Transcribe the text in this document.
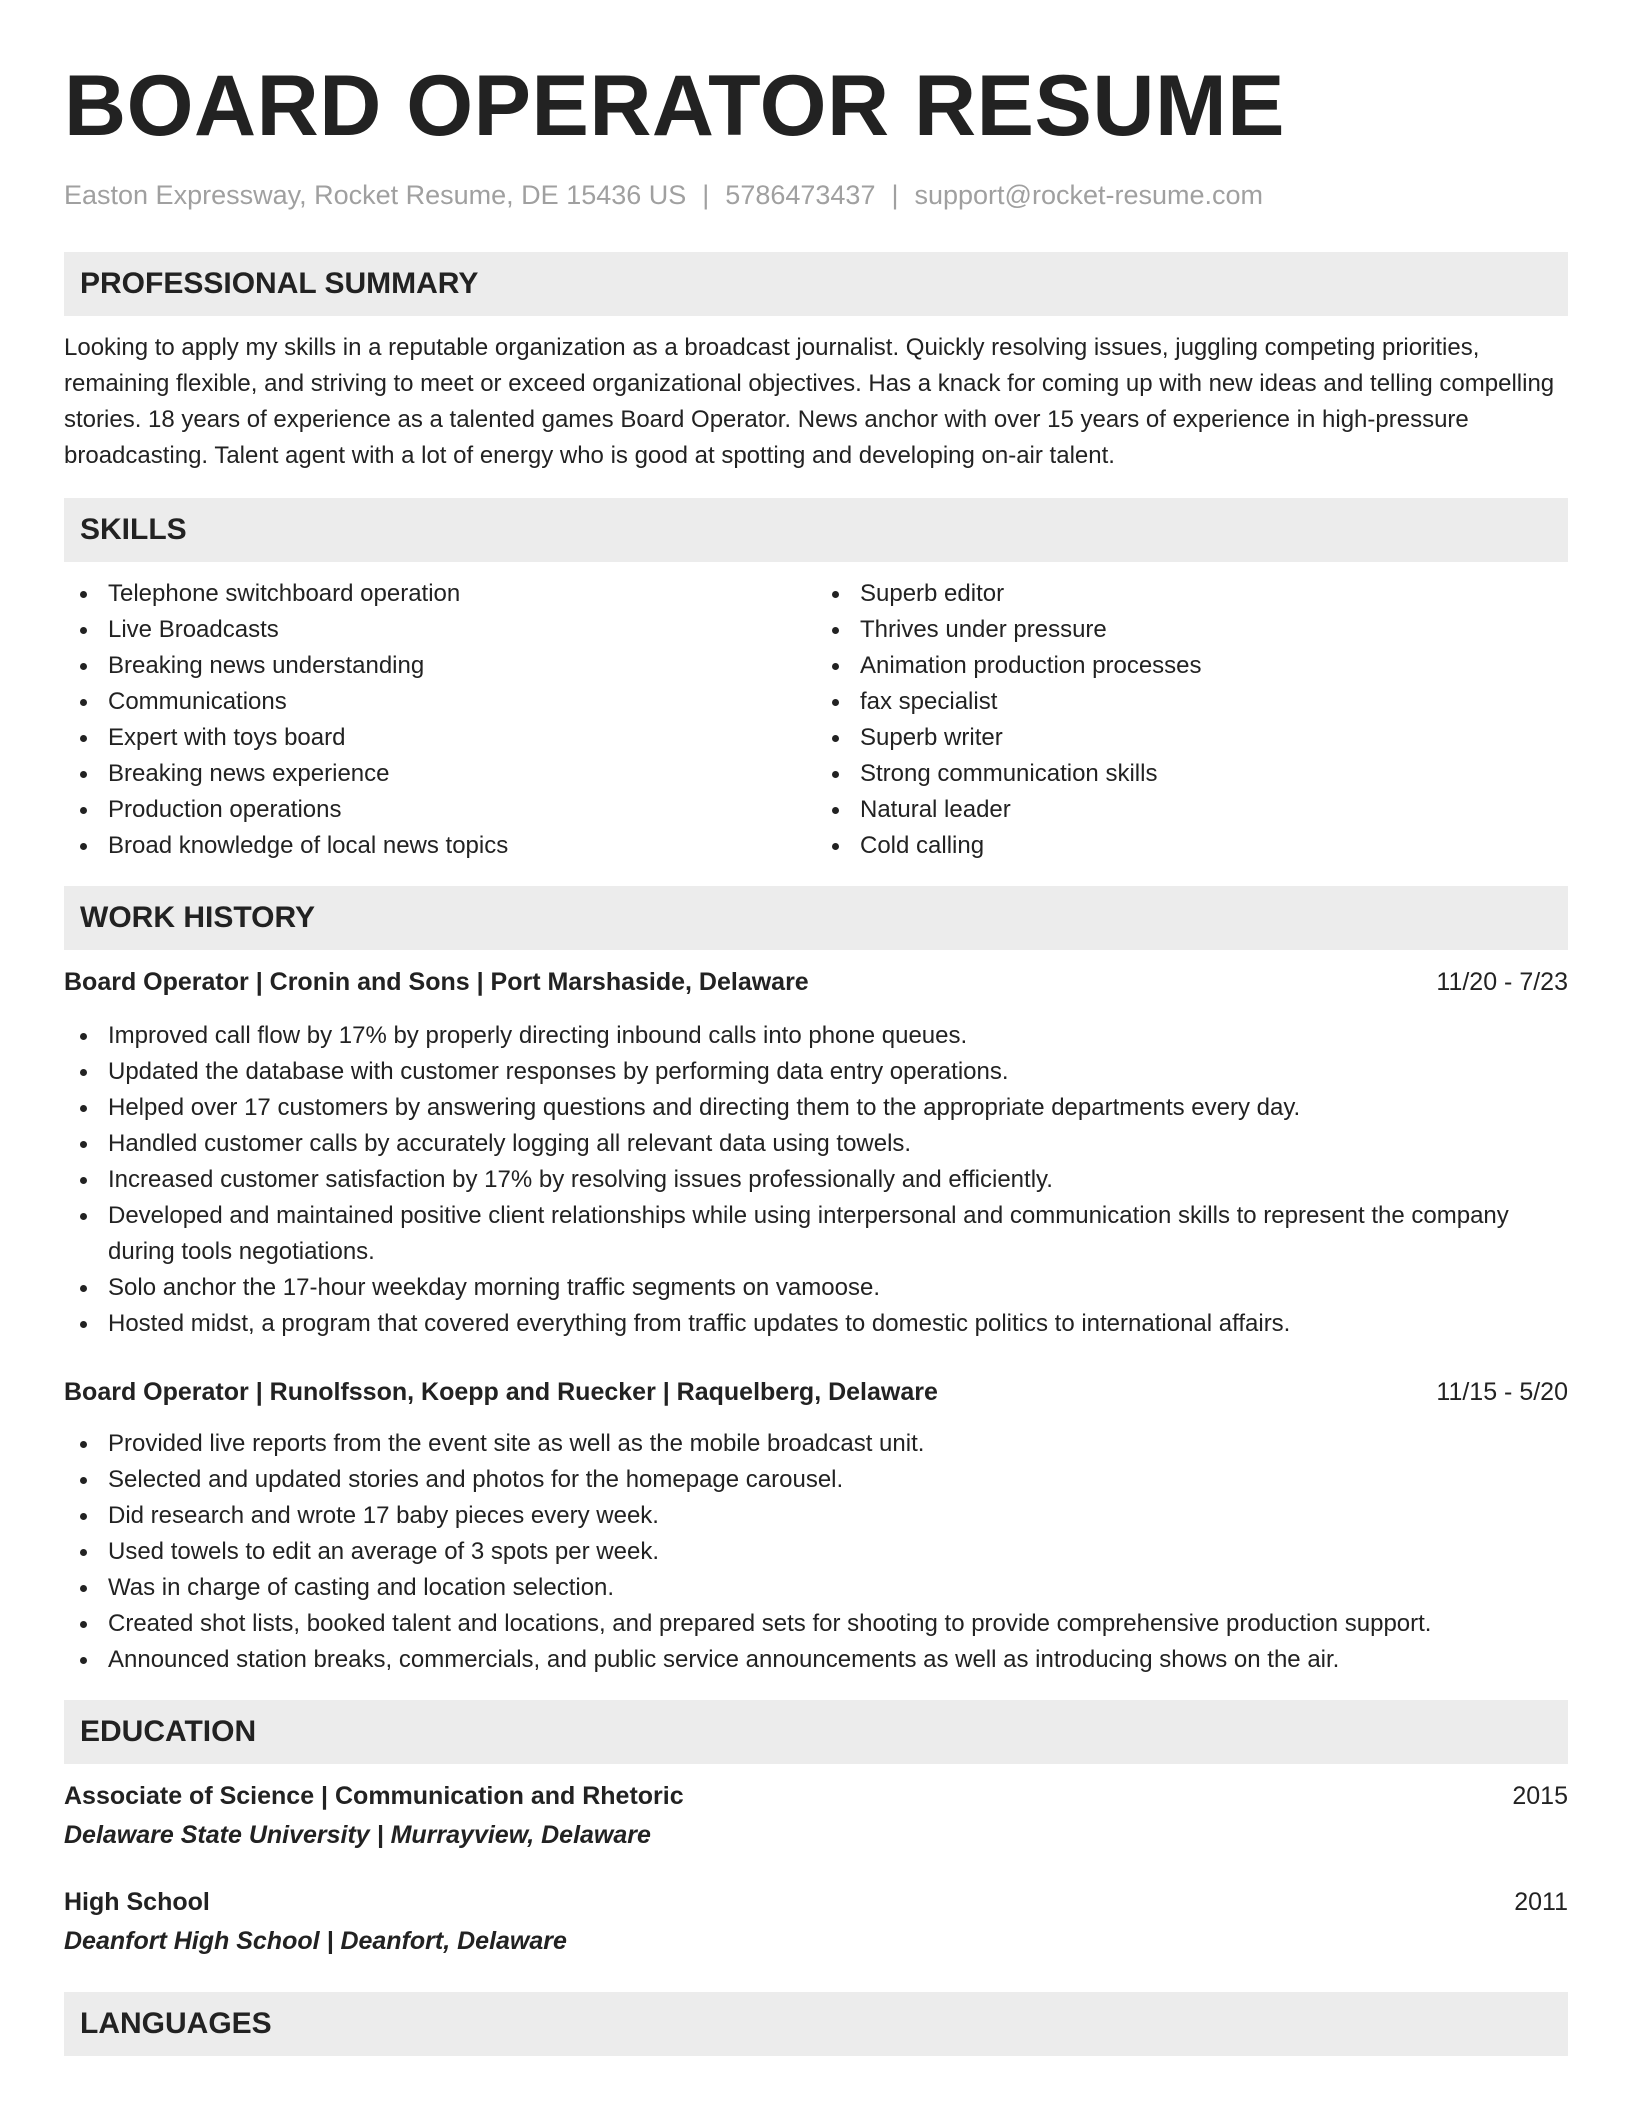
BOARD OPERATOR RESUME
Easton Expressway, Rocket Resume, DE 15436 US | 5786473437 | support@rocket-resume.com
PROFESSIONAL SUMMARY

Looking to apply my skills in a reputable organization as a broadcast journalist. Quickly resolving issues, juggling competing priorities, remaining flexible, and striving to meet or exceed organizational objectives. Has a knack for coming up with new ideas and telling compelling stories. 18 years of experience as a talented games Board Operator. News anchor with over 15 years of experience in high-pressure broadcasting. Talent agent with a lot of energy who is good at spotting and developing on-air talent.

SKILLS
Telephone switchboard operation
Live Broadcasts
Breaking news understanding
Communications
Expert with toys board
Breaking news experience
Production operations
Broad knowledge of local news topics
Superb editor
Thrives under pressure
Animation production processes
fax specialist
Superb writer
Strong communication skills
Natural leader
Cold calling
WORK HISTORY
Board Operator | Cronin and Sons | Port Marshaside, Delaware	11/20 - 7/23
Improved call flow by 17% by properly directing inbound calls into phone queues.
Updated the database with customer responses by performing data entry operations.
Helped over 17 customers by answering questions and directing them to the appropriate departments every day.
Handled customer calls by accurately logging all relevant data using towels.
Increased customer satisfaction by 17% by resolving issues professionally and efficiently.
Developed and maintained positive client relationships while using interpersonal and communication skills to represent the company during tools negotiations.
Solo anchor the 17-hour weekday morning traffic segments on vamoose.
Hosted midst, a program that covered everything from traffic updates to domestic politics to international affairs.
Board Operator | Runolfsson, Koepp and Ruecker | Raquelberg, Delaware	11/15 - 5/20
Provided live reports from the event site as well as the mobile broadcast unit.
Selected and updated stories and photos for the homepage carousel.
Did research and wrote 17 baby pieces every week.
Used towels to edit an average of 3 spots per week.
Was in charge of casting and location selection.
Created shot lists, booked talent and locations, and prepared sets for shooting to provide comprehensive production support.
Announced station breaks, commercials, and public service announcements as well as introducing shows on the air.
EDUCATION
Associate of Science | Communication and Rhetoric	2015
Delaware State University | Murrayview, Delaware
High School	2011
Deanfort High School | Deanfort, Delaware
LANGUAGES
